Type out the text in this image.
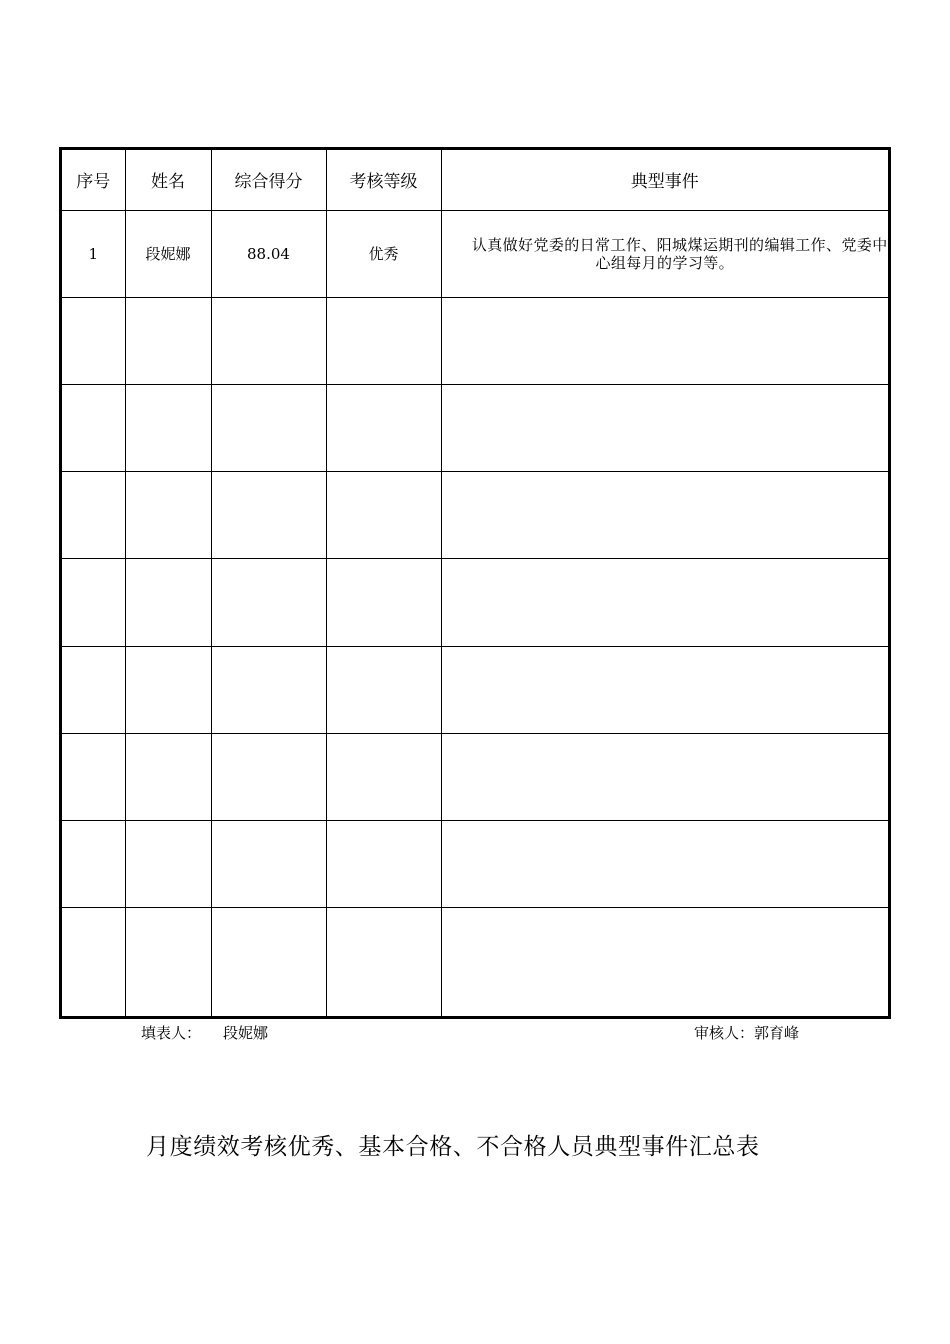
序号	姓名	综合得分	考核等级	典型事件
1	段妮娜	88.04	优秀	认真做好党委的日常工作、阳城煤运期刊的编辑工作、党委中心组每月的学习等。

填表人： 段妮娜	审核人：郭育峰
月度绩效考核优秀、基本合格、不合格人员典型事件汇总表
